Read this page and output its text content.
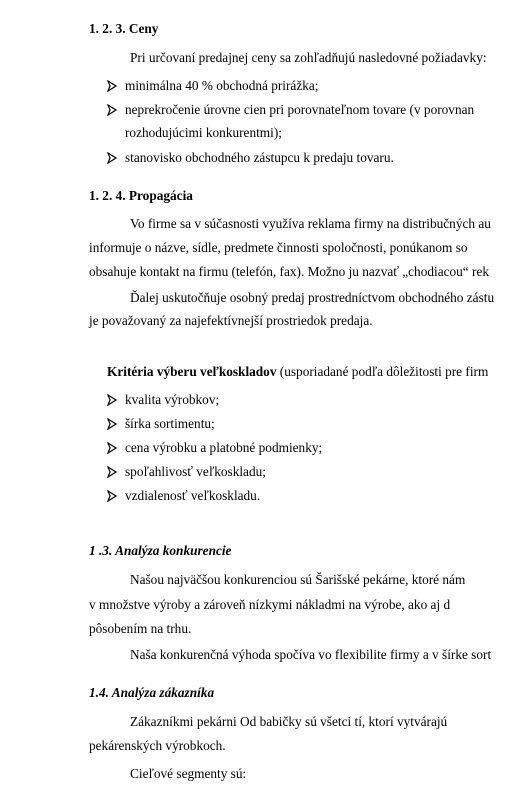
1. 2. 3. Ceny
Pri určovaní predajnej ceny sa zohľadňujú nasledovné požiadavky:
minimálna 40 % obchodná prirážka;
neprekročenie úrovne cien pri porovnateľnom tovare (v porovnan
rozhodujúcimi konkurentmi);
stanovisko obchodného zástupcu k predaju tovaru.
1. 2. 4. Propagácia
Vo firme sa v súčasnosti využíva reklama firmy na distribučných au
informuje o názve, sídle, predmete činnosti spoločnosti, ponúkanom so
obsahuje kontakt na firmu (telefón, fax). Možno ju nazvať „chodiacou“ rek
Ďalej uskutočňuje osobný predaj prostredníctvom obchodného zástu
je považovaný za najefektívnejší prostriedok predaja.
Kritéria výberu veľkoskladov (usporiadané podľa dôležitosti pre firm
kvalita výrobkov;
šírka sortimentu;
cena výrobku a platobné podmienky;
spoľahlivosť veľkoskladu;
vzdialenosť veľkoskladu.
1 .3. Analýza konkurencie
Našou najväčšou konkurenciou sú Šarišské pekárne, ktoré nám
v množstve výroby a zároveň nízkymi nákladmi na výrobe, ako aj d
pôsobením na trhu.
Naša konkurenčná výhoda spočíva vo flexibilite firmy a v šírke sort
1.4. Analýza zákazníka
Zákazníkmi pekárni Od babičky sú všetci tí, ktorí vytvárajú
pekárenských výrobkoch.
Cieľové segmenty sú:
